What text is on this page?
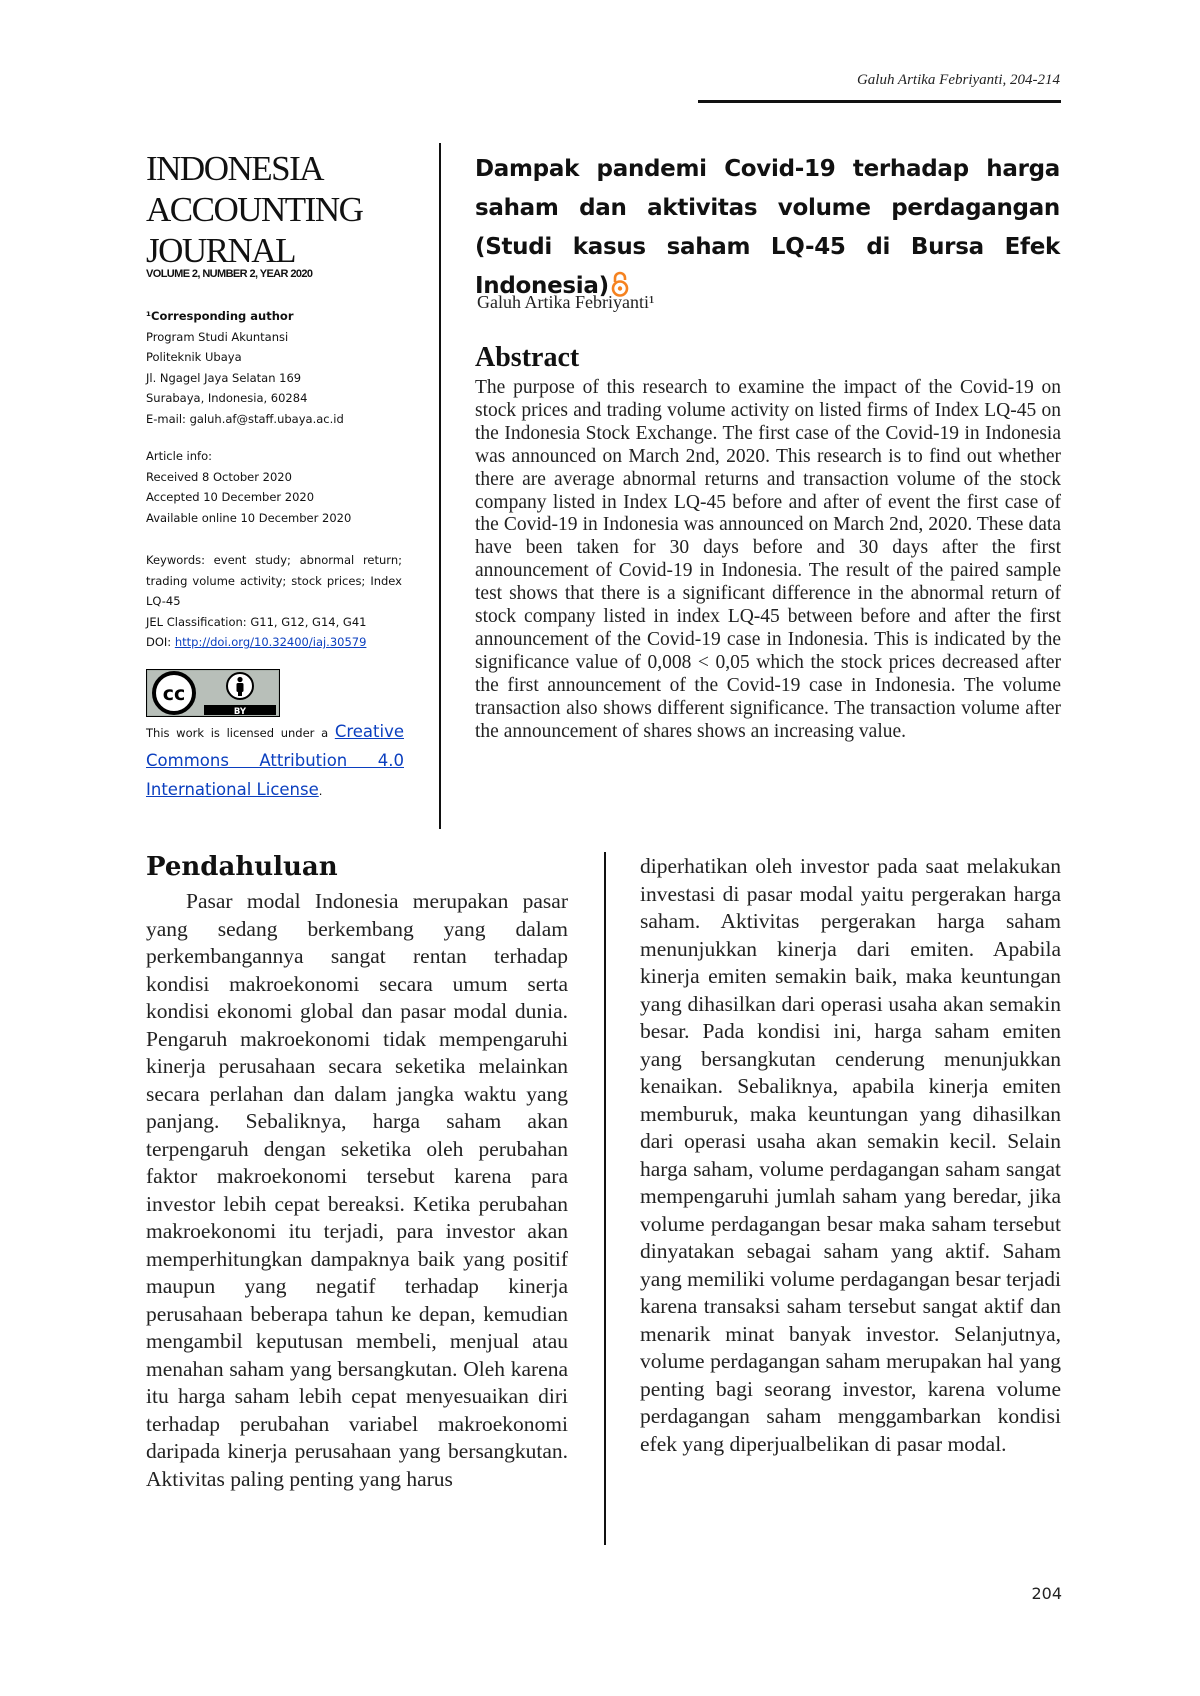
Galuh Artika Febriyanti, 204-214
INDONESIA
ACCOUNTING
JOURNAL
VOLUME 2, NUMBER 2, YEAR 2020
¹Corresponding author
Program Studi Akuntansi
Politeknik Ubaya
Jl. Ngagel Jaya Selatan 169
Surabaya, Indonesia, 60284
E-mail: galuh.af@staff.ubaya.ac.id
Article info:
Received 8 October 2020
Accepted 10 December 2020
Available online 10 December 2020
Keywords: event study; abnormal return; trading volume activity; stock prices; Index LQ-45
JEL Classification: G11, G12, G14, G41
DOI: http://doi.org/10.32400/iaj.30579
cc
BY
This work is licensed under a Creative Commons Attribution 4.0 International License.
Dampak pandemi Covid-19 terhadap harga saham dan aktivitas volume perdagangan (Studi kasus saham LQ-45 di Bursa Efek Indonesia)
Galuh Artika Febriyanti¹
Abstract
The purpose of this research to examine the impact of the Covid-19 on stock prices and trading volume activity on listed firms of Index LQ-45 on the Indonesia Stock Exchange. The first case of the Covid-19 in Indonesia was announced on March 2nd, 2020. This research is to find out whether there are average abnormal returns and transaction volume of the stock company listed in Index LQ-45 before and after of event the first case of the Covid-19 in Indonesia was announced on March 2nd, 2020. These data have been taken for 30 days before and 30 days after the first announcement of Covid-19 in Indonesia. The result of the paired sample test shows that there is a significant difference in the abnormal return of stock company listed in index LQ-45 between before and after the first announcement of the Covid-19 case in Indonesia. This is indicated by the significance value of 0,008 < 0,05 which the stock prices decreased after the first announcement of the Covid-19 case in Indonesia. The volume transaction also shows different significance. The transaction volume after the announcement of shares shows an increasing value.
Pendahuluan
Pasar modal Indonesia merupakan pasar yang sedang berkembang yang dalam perkembangannya sangat rentan terhadap kondisi makroekonomi secara umum serta kondisi ekonomi global dan pasar modal dunia. Pengaruh makroekonomi tidak mempengaruhi kinerja perusahaan secara seketika melainkan secara perlahan dan dalam jangka waktu yang panjang. Sebaliknya, harga saham akan terpengaruh dengan seketika oleh perubahan faktor makroekonomi tersebut karena para investor lebih cepat bereaksi. Ketika perubahan makroekonomi itu terjadi, para investor akan memperhitungkan dampaknya baik yang positif maupun yang negatif terhadap kinerja perusahaan beberapa tahun ke depan, kemudian mengambil keputusan membeli, menjual atau menahan saham yang bersangkutan. Oleh karena itu harga saham lebih cepat menyesuaikan diri terhadap perubahan variabel makroekonomi daripada kinerja perusahaan yang bersangkutan. Aktivitas paling penting yang harus
diperhatikan oleh investor pada saat melakukan investasi di pasar modal yaitu pergerakan harga saham. Aktivitas pergerakan harga saham menunjukkan kinerja dari emiten. Apabila kinerja emiten semakin baik, maka keuntungan yang dihasilkan dari operasi usaha akan semakin besar. Pada kondisi ini, harga saham emiten yang bersangkutan cenderung menunjukkan kenaikan. Sebaliknya, apabila kinerja emiten memburuk, maka keuntungan yang dihasilkan dari operasi usaha akan semakin kecil. Selain harga saham, volume perdagangan saham sangat mempengaruhi jumlah saham yang beredar, jika volume perdagangan besar maka saham tersebut dinyatakan sebagai saham yang aktif. Saham yang memiliki volume perdagangan besar terjadi karena transaksi saham tersebut sangat aktif dan menarik minat banyak investor. Selanjutnya, volume perdagangan saham merupakan hal yang penting bagi seorang investor, karena volume perdagangan saham menggambarkan kondisi efek yang diperjualbelikan di pasar modal.
204
